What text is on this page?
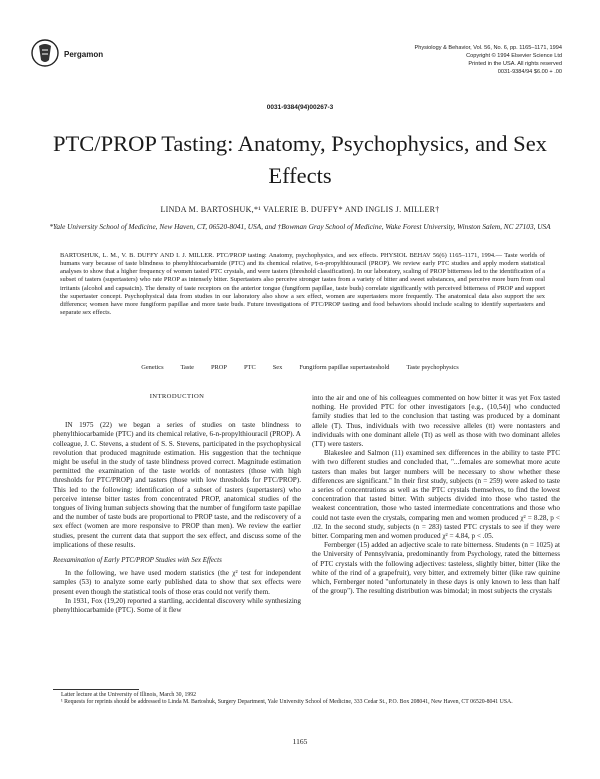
Pergamon
Physiology & Behavior, Vol. 56, No. 6, pp. 1165–1171, 1994
Copyright © 1994 Elsevier Science Ltd
Printed in the USA. All rights reserved
0031-9384/94 $6.00 + .00
0031-9384(94)00267-3
PTC/PROP Tasting: Anatomy, Psychophysics, and Sex Effects
LINDA M. BARTOSHUK,*¹ VALERIE B. DUFFY* AND INGLIS J. MILLER†
*Yale University School of Medicine, New Haven, CT, 06520-8041, USA, and †Bowman Gray School of Medicine, Wake Forest University, Winston Salem, NC 27103, USA
BARTOSHUK, L. M., V. B. DUFFY AND I. J. MILLER. PTC/PROP tasting: Anatomy, psychophysics, and sex effects. PHYSIOL BEHAV 56(6) 1165–1171, 1994.— Taste worlds of humans vary because of taste blindness to phenylthiocarbamide (PTC) and its chemical relative, 6-n-propylthiouracil (PROP). We review early PTC studies and apply modern statistical analyses to show that a higher frequency of women tasted PTC crystals, and were tasters (threshold classification). In our laboratory, scaling of PROP bitterness led to the identification of a subset of tasters (supertasters) who rate PROP as intensely bitter. Supertasters also perceive stronger tastes from a variety of bitter and sweet substances, and perceive more burn from oral irritants (alcohol and capsaicin). The density of taste receptors on the anterior tongue (fungiform papillae, taste buds) correlate significantly with perceived bitterness of PROP and support the supertaster concept. Psychophysical data from studies in our laboratory also show a sex effect, women are supertasters more frequently. The anatomical data also support the sex difference; women have more fungiform papillae and more taste buds. Future investigations of PTC/PROP tasting and food behaviors should include scaling to identify supertasters and separate sex effects.
Genetics	Taste	PROP	PTC	Sex	Fungiform papillae supertasteshold	Taste psychophysics
INTRODUCTION

IN 1975 (22) we began a series of studies on taste blindness to phenylthiocarbamide (PTC) and its chemical relative, 6-n-propylthiouracil (PROP). A colleague, J. C. Stevens, a student of S. S. Stevens, participated in the psychophysical revolution that produced magnitude estimation. His suggestion that the technique might be useful in the study of taste blindness proved correct. Magnitude estimation permitted the examination of the taste worlds of nontasters (those with high thresholds for PTC/PROP) and tasters (those with low thresholds for PTC/PROP). This led to the following: identification of a subset of tasters (supertasters) who perceive intense bitter tastes from concentrated PROP, anatomical studies of the tongues of living human subjects showing that the number of fungiform taste papillae and the number of taste buds are proportional to PROP taste, and the rediscovery of a sex effect (women are more responsive to PROP than men). We review the earlier studies, present the current data that support the sex effect, and discuss some of the implications of these results.

Reexamination of Early PTC/PROP Studies with Sex Effects

In the following, we have used modern statistics (the χ² test for independent samples (53) to analyze some early published data to show that sex effects were present even though the statistical tools of those eras could not verify them.

In 1931, Fox (19,20) reported a startling, accidental discovery while synthesizing phenylthiocarbamide (PTC). Some of it flew

into the air and one of his colleagues commented on how bitter it was yet Fox tasted nothing. He provided PTC for other investigators [e.g., (10,54)] who conducted family studies that led to the conclusion that tasting was produced by a dominant allele (T). Thus, individuals with two recessive alleles (tt) were nontasters and individuals with one dominant allele (Tt) as well as those with two dominant alleles (TT) were tasters.

Blakeslee and Salmon (11) examined sex differences in the ability to taste PTC with two different studies and concluded that, "...females are somewhat more acute tasters than males but larger numbers will be necessary to show whether these differences are significant." In their first study, subjects (n = 259) were asked to taste a series of concentrations as well as the PTC crystals themselves, to find the lowest concentration that tasted bitter. With subjects divided into those who tasted the weakest concentration, those who tasted intermediate concentrations and those who could not taste even the crystals, comparing men and women produced χ² = 8.28, p < .02. In the second study, subjects (n = 283) tasted PTC crystals to see if they were bitter. Comparing men and women produced χ² = 4.84, p < .05.

Fernberger (15) added an adjective scale to rate bitterness. Students (n = 1025) at the University of Pennsylvania, predominantly from Psychology, rated the bitterness of PTC crystals with the following adjectives: tasteless, slightly bitter, bitter (like the white of the rind of a grapefruit), very bitter, and extremely bitter (like raw quinine which, Fernberger noted "unfortunately in these days is only known to less than half of the group"). The resulting distribution was bimodal; in most subjects the crystals

Latter lecture at the University of Illinois, March 30, 1992
¹ Requests for reprints should be addressed to Linda M. Bartoshuk, Surgery Department, Yale University School of Medicine, 333 Cedar St., P.O. Box 208041, New Haven, CT 06520-8041 USA.
1165
